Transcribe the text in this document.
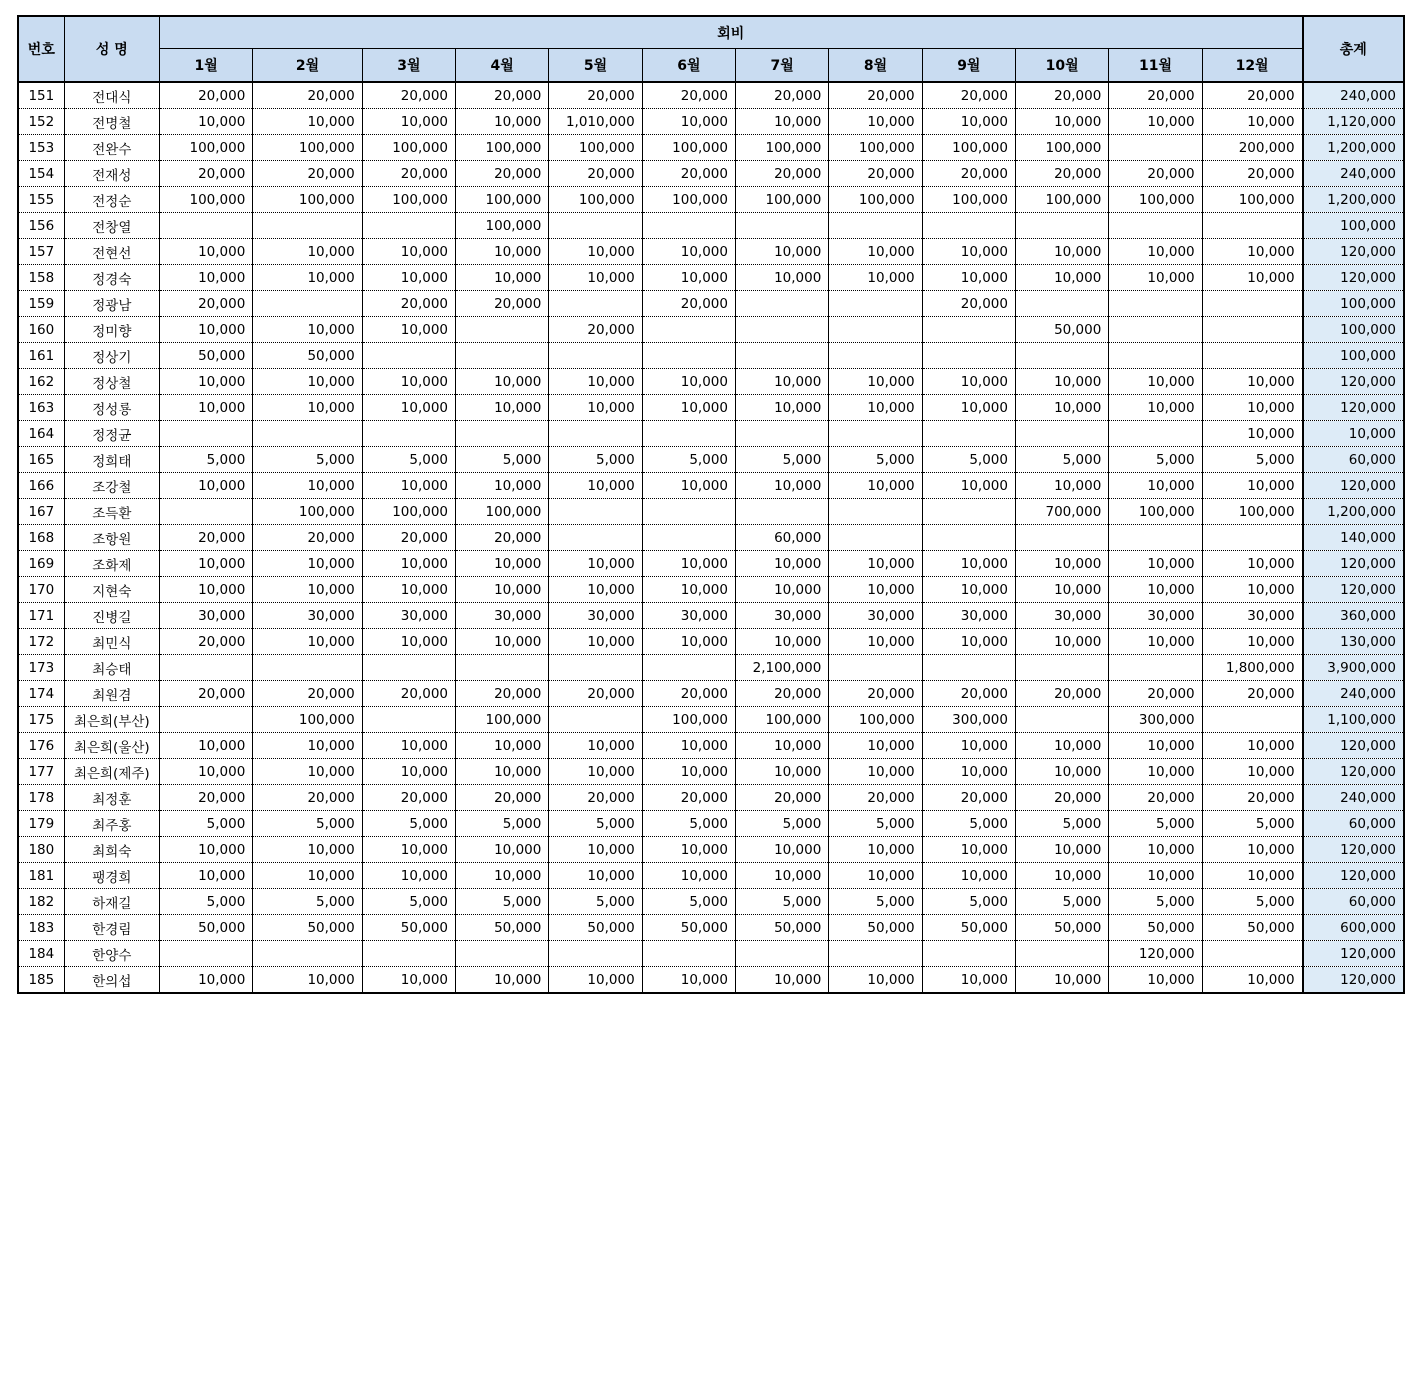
번호	성 명	회비												총계
		1월	2월	3월	4월	5월	6월	7월	8월	9월	10월	11월	12월	
151	전대식	20,000	20,000	20,000	20,000	20,000	20,000	20,000	20,000	20,000	20,000	20,000	20,000	240,000
152	전명철	10,000	10,000	10,000	10,000	1,010,000	10,000	10,000	10,000	10,000	10,000	10,000	10,000	1,120,000
153	전완수	100,000	100,000	100,000	100,000	100,000	100,000	100,000	100,000	100,000	100,000		200,000	1,200,000
154	전재성	20,000	20,000	20,000	20,000	20,000	20,000	20,000	20,000	20,000	20,000	20,000	20,000	240,000
155	전정순	100,000	100,000	100,000	100,000	100,000	100,000	100,000	100,000	100,000	100,000	100,000	100,000	1,200,000
156	전창열				100,000									100,000
157	전현선	10,000	10,000	10,000	10,000	10,000	10,000	10,000	10,000	10,000	10,000	10,000	10,000	120,000
158	정경숙	10,000	10,000	10,000	10,000	10,000	10,000	10,000	10,000	10,000	10,000	10,000	10,000	120,000
159	정광남	20,000		20,000	20,000		20,000			20,000				100,000
160	정미향	10,000	10,000	10,000		20,000					50,000			100,000
161	정상기	50,000	50,000											100,000
162	정상철	10,000	10,000	10,000	10,000	10,000	10,000	10,000	10,000	10,000	10,000	10,000	10,000	120,000
163	정성룡	10,000	10,000	10,000	10,000	10,000	10,000	10,000	10,000	10,000	10,000	10,000	10,000	120,000
164	정정균												10,000	10,000
165	정희태	5,000	5,000	5,000	5,000	5,000	5,000	5,000	5,000	5,000	5,000	5,000	5,000	60,000
166	조강철	10,000	10,000	10,000	10,000	10,000	10,000	10,000	10,000	10,000	10,000	10,000	10,000	120,000
167	조득환		100,000	100,000	100,000						700,000	100,000	100,000	1,200,000
168	조항원	20,000	20,000	20,000	20,000			60,000						140,000
169	조화제	10,000	10,000	10,000	10,000	10,000	10,000	10,000	10,000	10,000	10,000	10,000	10,000	120,000
170	지현숙	10,000	10,000	10,000	10,000	10,000	10,000	10,000	10,000	10,000	10,000	10,000	10,000	120,000
171	진병길	30,000	30,000	30,000	30,000	30,000	30,000	30,000	30,000	30,000	30,000	30,000	30,000	360,000
172	최민식	20,000	10,000	10,000	10,000	10,000	10,000	10,000	10,000	10,000	10,000	10,000	10,000	130,000
173	최승태							2,100,000					1,800,000	3,900,000
174	최원겸	20,000	20,000	20,000	20,000	20,000	20,000	20,000	20,000	20,000	20,000	20,000	20,000	240,000
175	최은희(부산)		100,000		100,000		100,000	100,000	100,000	300,000		300,000		1,100,000
176	최은희(울산)	10,000	10,000	10,000	10,000	10,000	10,000	10,000	10,000	10,000	10,000	10,000	10,000	120,000
177	최은희(제주)	10,000	10,000	10,000	10,000	10,000	10,000	10,000	10,000	10,000	10,000	10,000	10,000	120,000
178	최정훈	20,000	20,000	20,000	20,000	20,000	20,000	20,000	20,000	20,000	20,000	20,000	20,000	240,000
179	최주홍	5,000	5,000	5,000	5,000	5,000	5,000	5,000	5,000	5,000	5,000	5,000	5,000	60,000
180	최희숙	10,000	10,000	10,000	10,000	10,000	10,000	10,000	10,000	10,000	10,000	10,000	10,000	120,000
181	팽경희	10,000	10,000	10,000	10,000	10,000	10,000	10,000	10,000	10,000	10,000	10,000	10,000	120,000
182	하재길	5,000	5,000	5,000	5,000	5,000	5,000	5,000	5,000	5,000	5,000	5,000	5,000	60,000
183	한경림	50,000	50,000	50,000	50,000	50,000	50,000	50,000	50,000	50,000	50,000	50,000	50,000	600,000
184	한양수											120,000		120,000
185	한의섭	10,000	10,000	10,000	10,000	10,000	10,000	10,000	10,000	10,000	10,000	10,000	10,000	120,000
